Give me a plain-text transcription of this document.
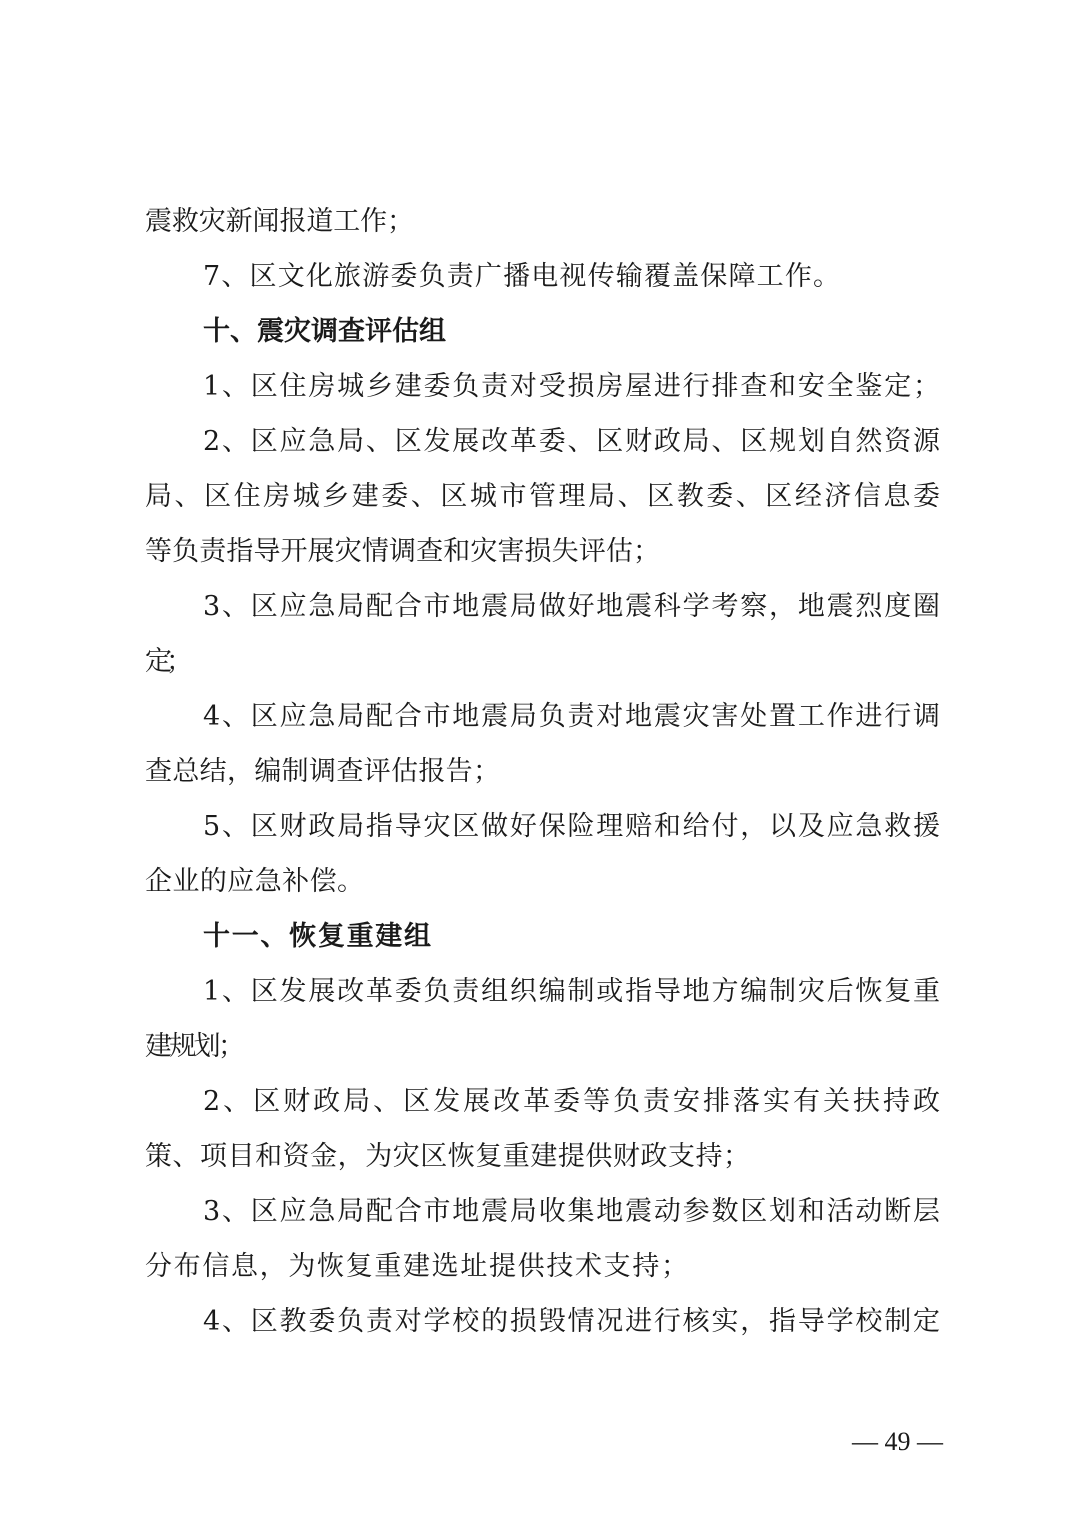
震救灾新闻报道工作；
7、区文化旅游委负责广播电视传输覆盖保障工作。
十、震灾调查评估组
1、区住房城乡建委负责对受损房屋进行排查和安全鉴定；
2、区应急局、区发展改革委、区财政局、区规划自然资源
局、区住房城乡建委、区城市管理局、区教委、区经济信息委
等负责指导开展灾情调查和灾害损失评估；
3、区应急局配合市地震局做好地震科学考察，地震烈度圈
定；
4、区应急局配合市地震局负责对地震灾害处置工作进行调
查总结，编制调查评估报告；
5、区财政局指导灾区做好保险理赔和给付，以及应急救援
企业的应急补偿。
十一、恢复重建组
1、区发展改革委负责组织编制或指导地方编制灾后恢复重
建规划；
2、区财政局、区发展改革委等负责安排落实有关扶持政
策、项目和资金，为灾区恢复重建提供财政支持；
3、区应急局配合市地震局收集地震动参数区划和活动断层
分布信息，为恢复重建选址提供技术支持；
4、区教委负责对学校的损毁情况进行核实，指导学校制定
— 49 —
